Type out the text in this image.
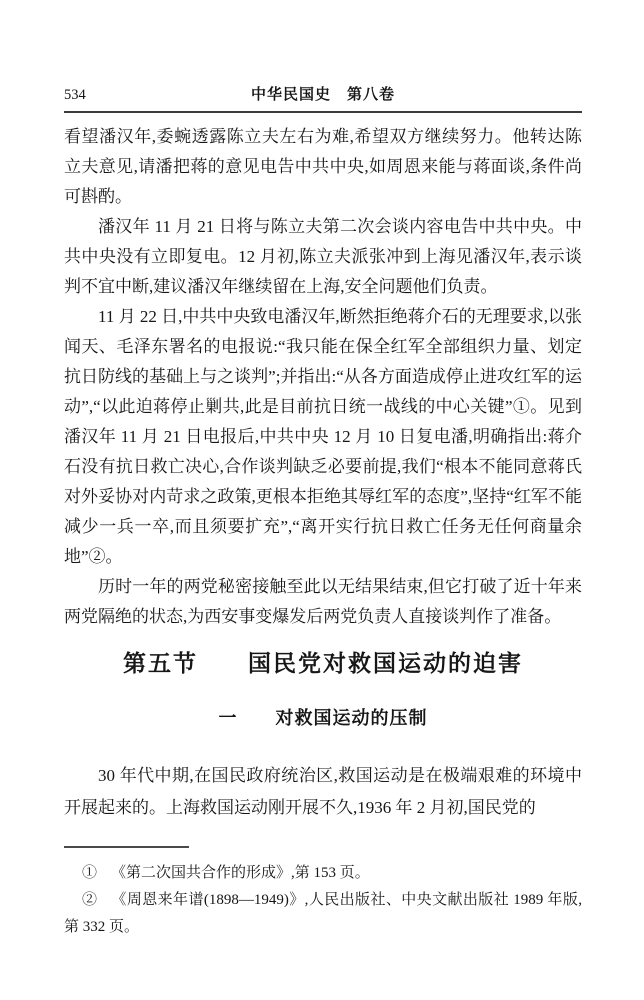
534	中华民国史　第八卷

看望潘汉年,委蜿透露陈立夫左右为难,希望双方继续努力。他转达陈立夫意见,请潘把蒋的意见电告中共中央,如周恩来能与蒋面谈,条件尚可斟酌。

潘汉年 11 月 21 日将与陈立夫第二次会谈内容电告中共中央。中共中央没有立即复电。12 月初,陈立夫派张冲到上海见潘汉年,表示谈判不宜中断,建议潘汉年继续留在上海,安全问题他们负责。

11 月 22 日,中共中央致电潘汉年,断然拒绝蒋介石的无理要求,以张闻天、毛泽东署名的电报说:“我只能在保全红军全部组织力量、划定抗日防线的基础上与之谈判”;并指出:“从各方面造成停止进攻红军的运动”,“以此迫蒋停止剿共,此是目前抗日统一战线的中心关键”①。见到潘汉年 11 月 21 日电报后,中共中央 12 月 10 日复电潘,明确指出:蒋介石没有抗日救亡决心,合作谈判缺乏必要前提,我们“根本不能同意蒋氏对外妥协对内苛求之政策,更根本拒绝其辱红军的态度”,坚持“红军不能减少一兵一卒,而且须要扩充”,“离开实行抗日救亡任务无任何商量余地”②。

历时一年的两党秘密接触至此以无结果结束,但它打破了近十年来两党隔绝的状态,为西安事变爆发后两党负责人直接谈判作了准备。

第五节　　国民党对救国运动的迫害
一　　对救国运动的压制

30 年代中期,在国民政府统治区,救国运动是在极端艰难的环境中开展起来的。上海救国运动刚开展不久,1936 年 2 月初,国民党的

① 《第二次国共合作的形成》,第 153 页。

② 《周恩来年谱(1898—1949)》,人民出版社、中央文献出版社 1989 年版,第 332 页。
